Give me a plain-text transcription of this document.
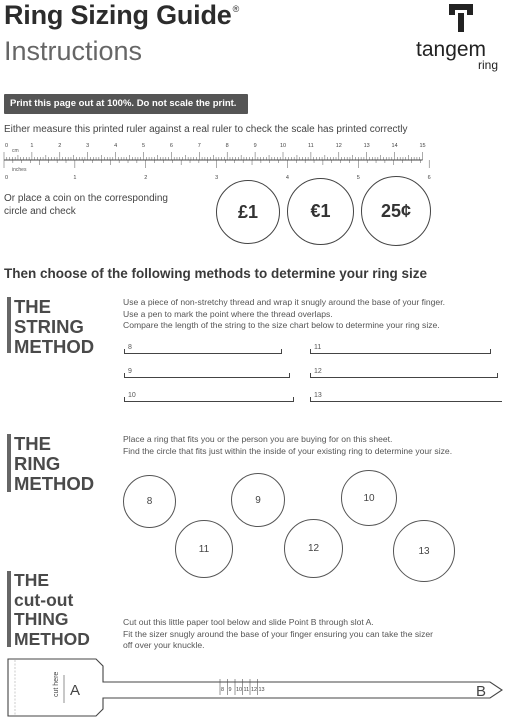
Ring Sizing Guide®
Instructions	tangem
ring
Print this page out at 100%. Do not scale the print.
Either measure this printed ruler against a real ruler to check the scale has printed correctly
cm
inches
0	1	2	3	4	5	6	7	8	9	10	11	12	13	14	15
0	1	2	3	4	5	6
Or place a coin on the corresponding circle and check	£1	€1	25¢
Then choose of the following methods to determine your ring size
THE
STRING
METHOD
Use a piece of non-stretchy thread and wrap it snugly around the base of your finger.
Use a pen to mark the point where the thread overlaps.
Compare the length of the string to the size chart below to determine your ring size.
8
9
10
11
12
13
THE
RING
METHOD
Place a ring that fits you or the person you are buying for on this sheet.
Find the circle that fits just within the inside of your existing ring to determine your size.
8	9	10
11	12	13
THE
cut-out
THING
METHOD
Cut out this little paper tool below and slide Point B through slot A.
Fit the sizer snugly around the base of your finger ensuring you can take the sizer
off over your knuckle.
cut here A	B
8 9 10 11 12 13
